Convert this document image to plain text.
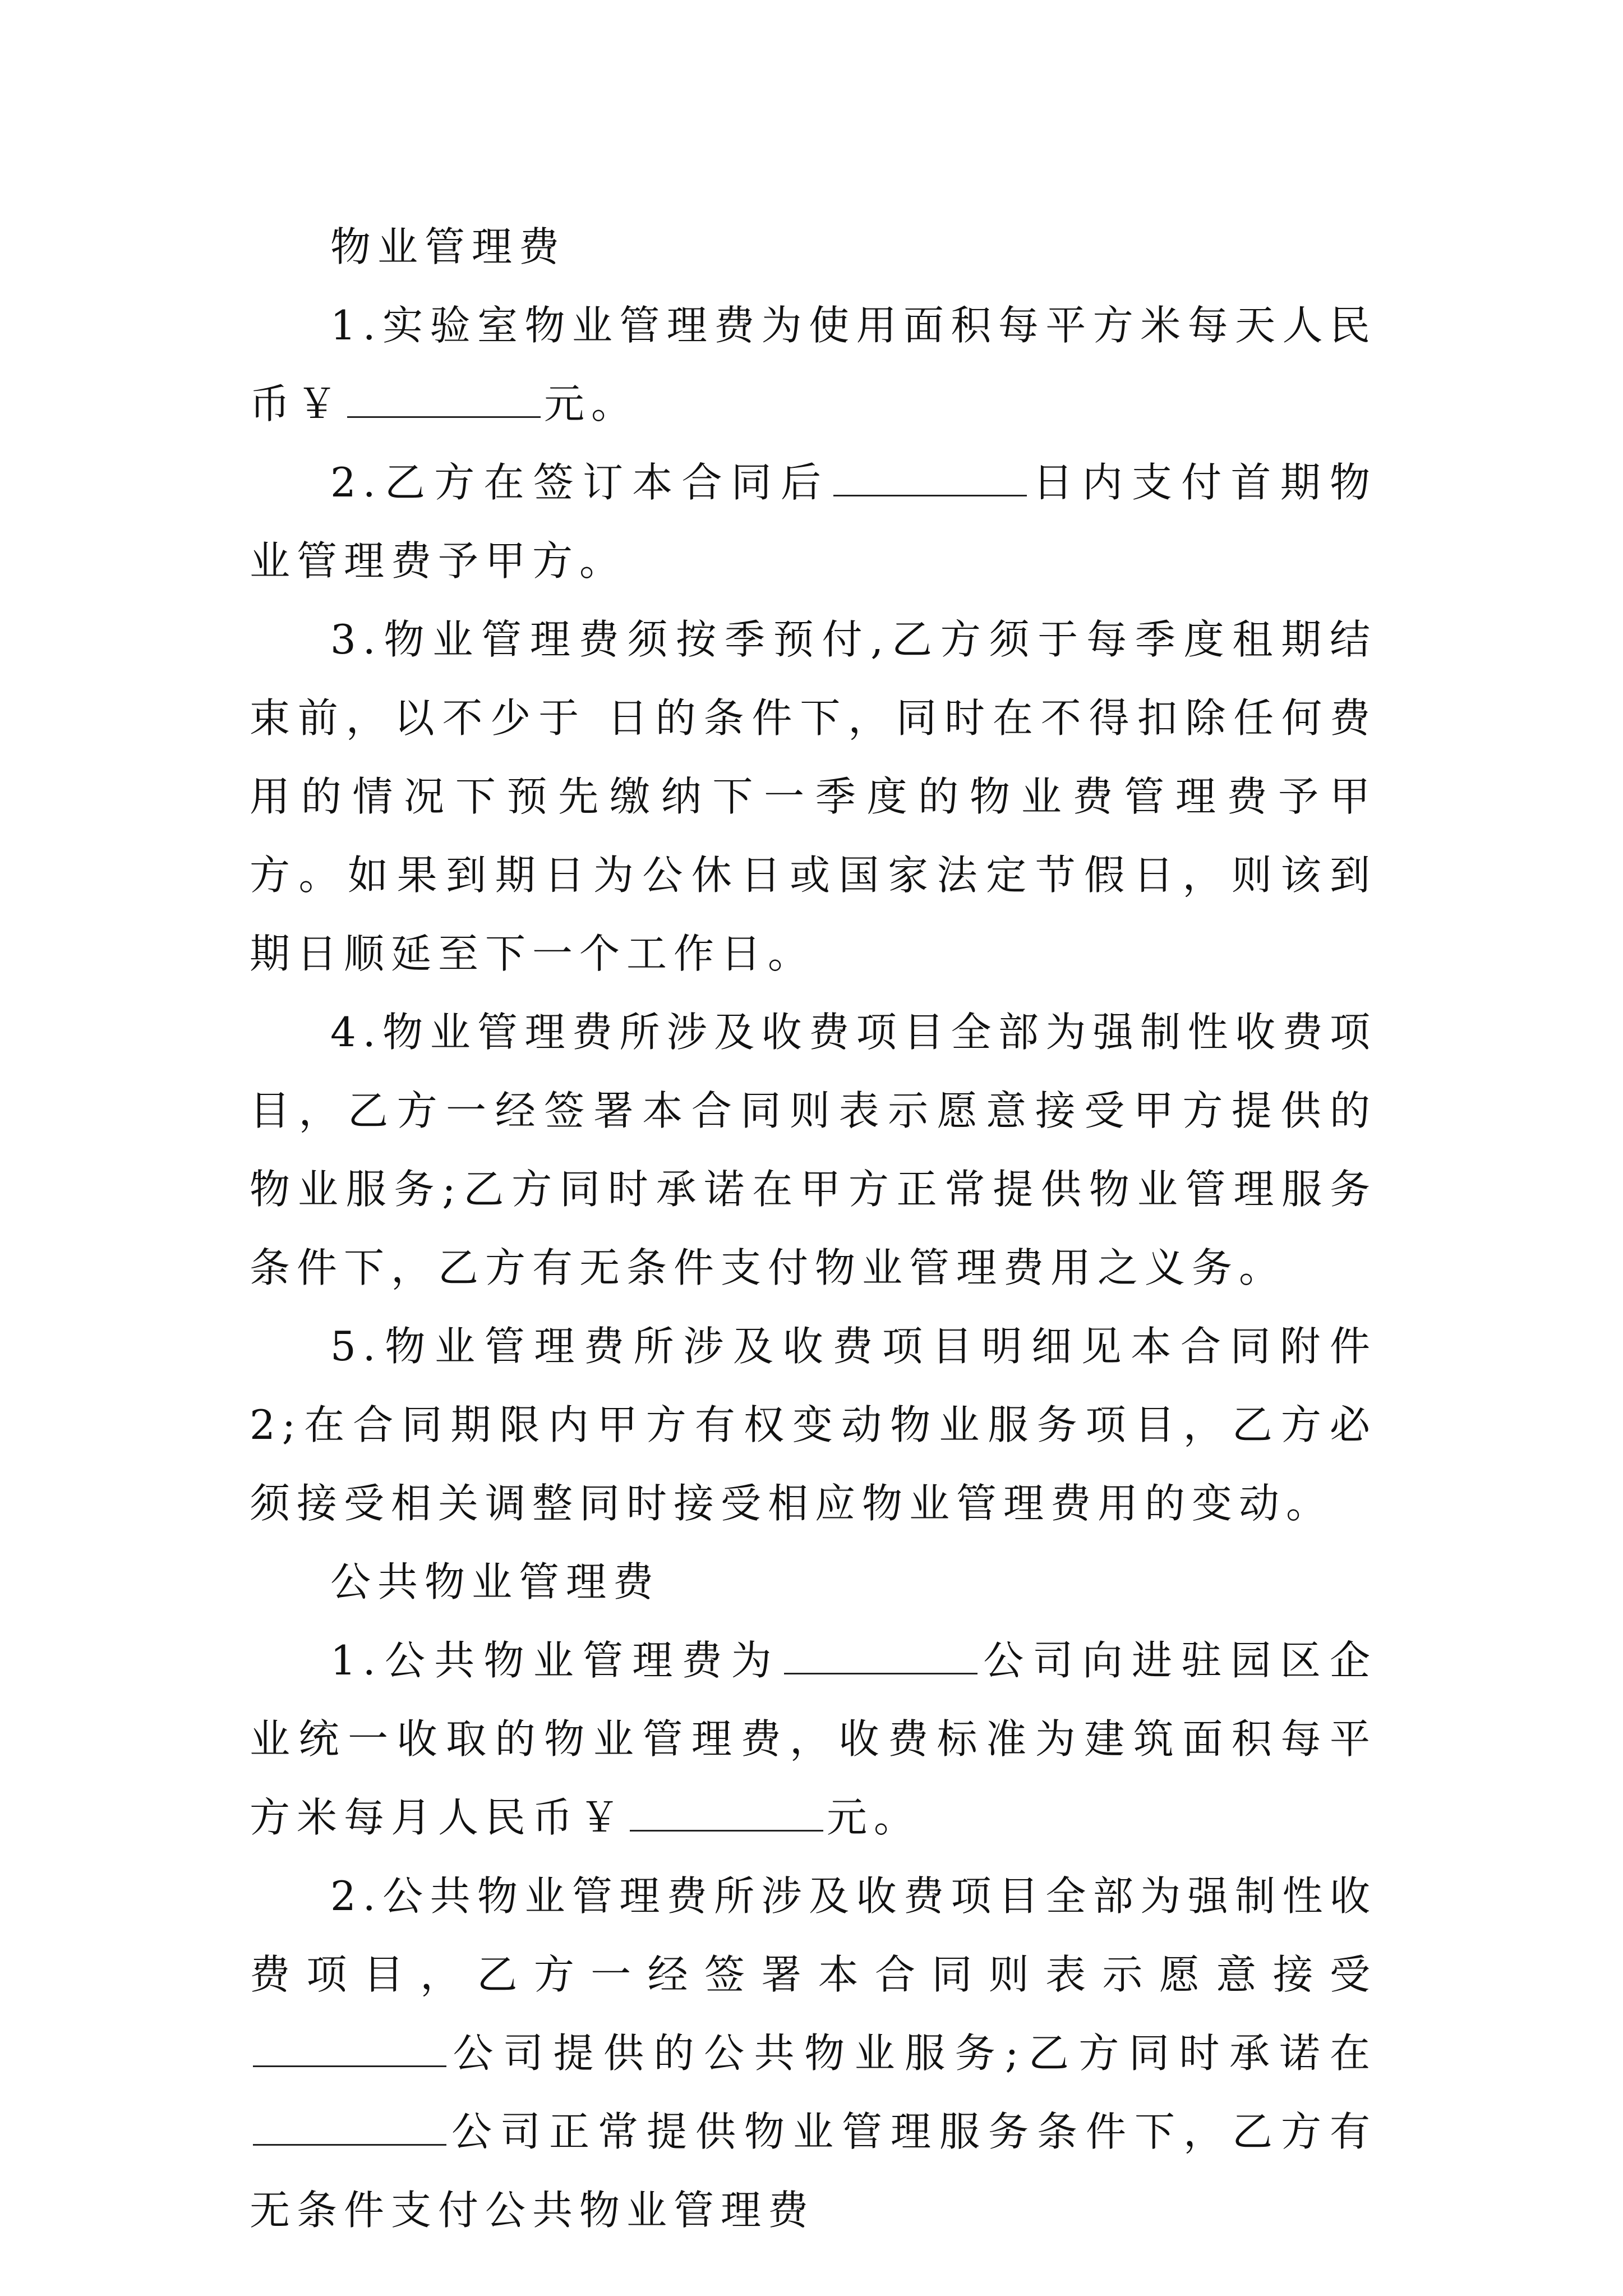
物业管理费

1.实验室物业管理费为使用面积每平方米每天人民币￥	元。

2.乙方在签订本合同后	日内支付首期物业管理费予甲方。

3.物业管理费须按季预付,乙方须于每季度租期结束前，以不少于 日的条件下，同时在不得扣除任何费用的情况下预先缴纳下一季度的物业费管理费予甲方。如果到期日为公休日或国家法定节假日，则该到期日顺延至下一个工作日。

4.物业管理费所涉及收费项目全部为强制性收费项目，乙方一经签署本合同则表示愿意接受甲方提供的物业服务;乙方同时承诺在甲方正常提供物业管理服务条件下，乙方有无条件支付物业管理费用之义务。

5.物业管理费所涉及收费项目明细见本合同附件2;在合同期限内甲方有权变动物业服务项目，乙方必须接受相关调整同时接受相应物业管理费用的变动。

公共物业管理费

1.公共物业管理费为	公司向进驻园区企业统一收取的物业管理费，收费标准为建筑面积每平方米每月人民币￥	元。

2.公共物业管理费所涉及收费项目全部为强制性收费项目，乙方一经签署本合同则表示愿意接受公司提供的公共物业服务;乙方同时承诺在公司正常提供物业管理服务条件下，乙方有无条件支付公共物业管理费
